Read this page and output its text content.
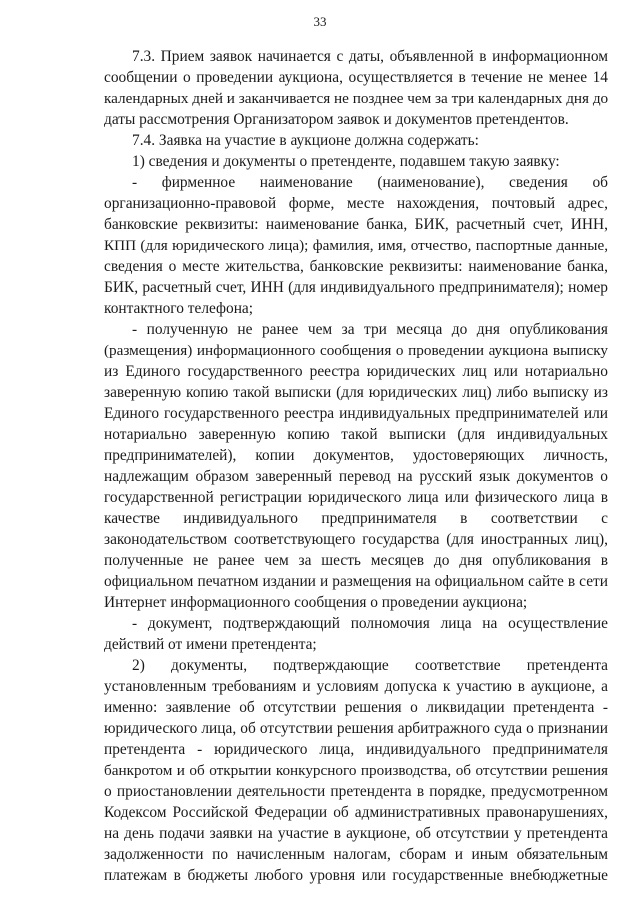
33
7.3. Прием заявок начинается с даты, объявленной в информационном
сообщении о проведении аукциона, осуществляется в течение не менее 14
календарных дней и заканчивается не позднее чем за три календарных дня до
даты рассмотрения Организатором заявок и документов претендентов.
7.4. Заявка на участие в аукционе должна содержать:
1) сведения и документы о претенденте, подавшем такую заявку:
- фирменное наименование (наименование), сведения об
организационно-правовой форме, месте нахождения, почтовый адрес,
банковские реквизиты: наименование банка, БИК, расчетный счет, ИНН,
КПП (для юридического лица); фамилия, имя, отчество, паспортные данные,
сведения о месте жительства, банковские реквизиты: наименование банка,
БИК, расчетный счет, ИНН (для индивидуального предпринимателя); номер
контактного телефона;
- полученную не ранее чем за три месяца до дня опубликования
(размещения) информационного сообщения о проведении аукциона выписку
из Единого государственного реестра юридических лиц или нотариально
заверенную копию такой выписки (для юридических лиц) либо выписку из
Единого государственного реестра индивидуальных предпринимателей или
нотариально заверенную копию такой выписки (для индивидуальных
предпринимателей), копии документов, удостоверяющих личность,
надлежащим образом заверенный перевод на русский язык документов о
государственной регистрации юридического лица или физического лица в
качестве индивидуального предпринимателя в соответствии с
законодательством соответствующего государства (для иностранных лиц),
полученные не ранее чем за шесть месяцев до дня опубликования в
официальном печатном издании и размещения на официальном сайте в сети
Интернет информационного сообщения о проведении аукциона;
- документ, подтверждающий полномочия лица на осуществление
действий от имени претендента;
2) документы, подтверждающие соответствие претендента
установленным требованиям и условиям допуска к участию в аукционе, а
именно: заявление об отсутствии решения о ликвидации претендента -
юридического лица, об отсутствии решения арбитражного суда о признании
претендента - юридического лица, индивидуального предпринимателя
банкротом и об открытии конкурсного производства, об отсутствии решения
о приостановлении деятельности претендента в порядке, предусмотренном
Кодексом Российской Федерации об административных правонарушениях,
на день подачи заявки на участие в аукционе, об отсутствии у претендента
задолженности по начисленным налогам, сборам и иным обязательным
платежам в бюджеты любого уровня или государственные внебюджетные
